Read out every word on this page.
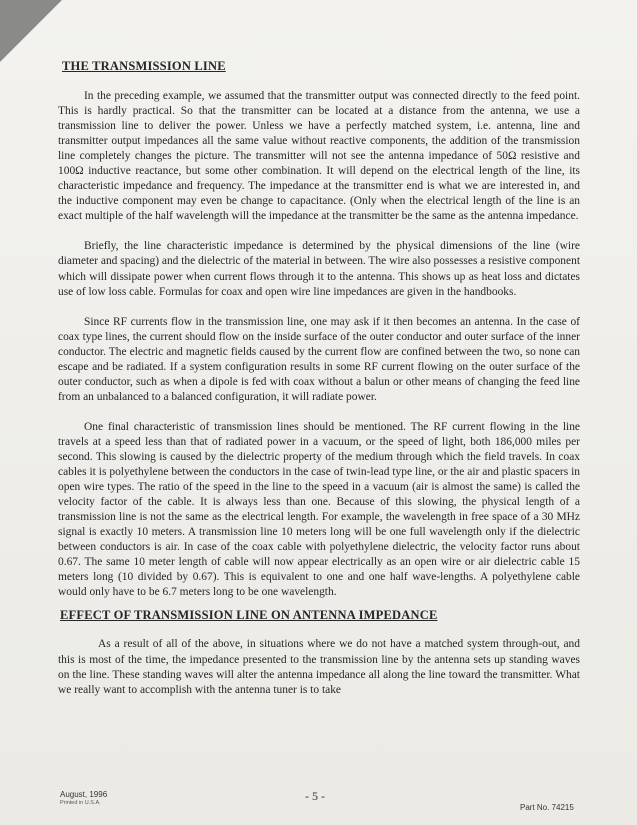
THE TRANSMISSION LINE

In the preceding example, we assumed that the transmitter output was connected directly to the feed point. This is hardly practical. So that the transmitter can be located at a distance from the antenna, we use a transmission line to deliver the power. Unless we have a perfectly matched system, i.e. antenna, line and transmitter output impedances all the same value without reactive components, the addition of the transmission line completely changes the picture. The transmitter will not see the antenna impedance of 50Ω resistive and 100Ω inductive reactance, but some other combination. It will depend on the electrical length of the line, its characteristic impedance and frequency. The impedance at the transmitter end is what we are interested in, and the inductive component may even be change to capacitance. (Only when the electrical length of the line is an exact multiple of the half wavelength will the impedance at the transmitter be the same as the antenna impedance.

Briefly, the line characteristic impedance is determined by the physical dimensions of the line (wire diameter and spacing) and the dielectric of the material in between. The wire also possesses a resistive component which will dissipate power when current flows through it to the antenna. This shows up as heat loss and dictates use of low loss cable. Formulas for coax and open wire line impedances are given in the handbooks.

Since RF currents flow in the transmission line, one may ask if it then becomes an antenna. In the case of coax type lines, the current should flow on the inside surface of the outer conductor and outer surface of the inner conductor. The electric and magnetic fields caused by the current flow are confined between the two, so none can escape and be radiated. If a system configuration results in some RF current flowing on the outer surface of the outer conductor, such as when a dipole is fed with coax without a balun or other means of changing the feed line from an unbalanced to a balanced configuration, it will radiate power.

One final characteristic of transmission lines should be mentioned. The RF current flowing in the line travels at a speed less than that of radiated power in a vacuum, or the speed of light, both 186,000 miles per second. This slowing is caused by the dielectric property of the medium through which the field travels. In coax cables it is polyethylene between the conductors in the case of twin-lead type line, or the air and plastic spacers in open wire types. The ratio of the speed in the line to the speed in a vacuum (air is almost the same) is called the velocity factor of the cable. It is always less than one. Because of this slowing, the physical length of a transmission line is not the same as the electrical length. For example, the wavelength in free space of a 30 MHz signal is exactly 10 meters. A transmission line 10 meters long will be one full wavelength only if the dielectric between conductors is air. In case of the coax cable with polyethylene dielectric, the velocity factor runs about 0.67. The same 10 meter length of cable will now appear electrically as an open wire or air dielectric cable 15 meters long (10 divided by 0.67). This is equivalent to one and one half wave-lengths. A polyethylene cable would only have to be 6.7 meters long to be one wavelength.

EFFECT OF TRANSMISSION LINE ON ANTENNA IMPEDANCE

As a result of all of the above, in situations where we do not have a matched system through-out, and this is most of the time, the impedance presented to the transmission line by the antenna sets up standing waves on the line. These standing waves will alter the antenna impedance all along the line toward the transmitter. What we really want to accomplish with the antenna tuner is to take

August, 1996
Printed in U.S.A.	- 5 -
Part No. 74215
